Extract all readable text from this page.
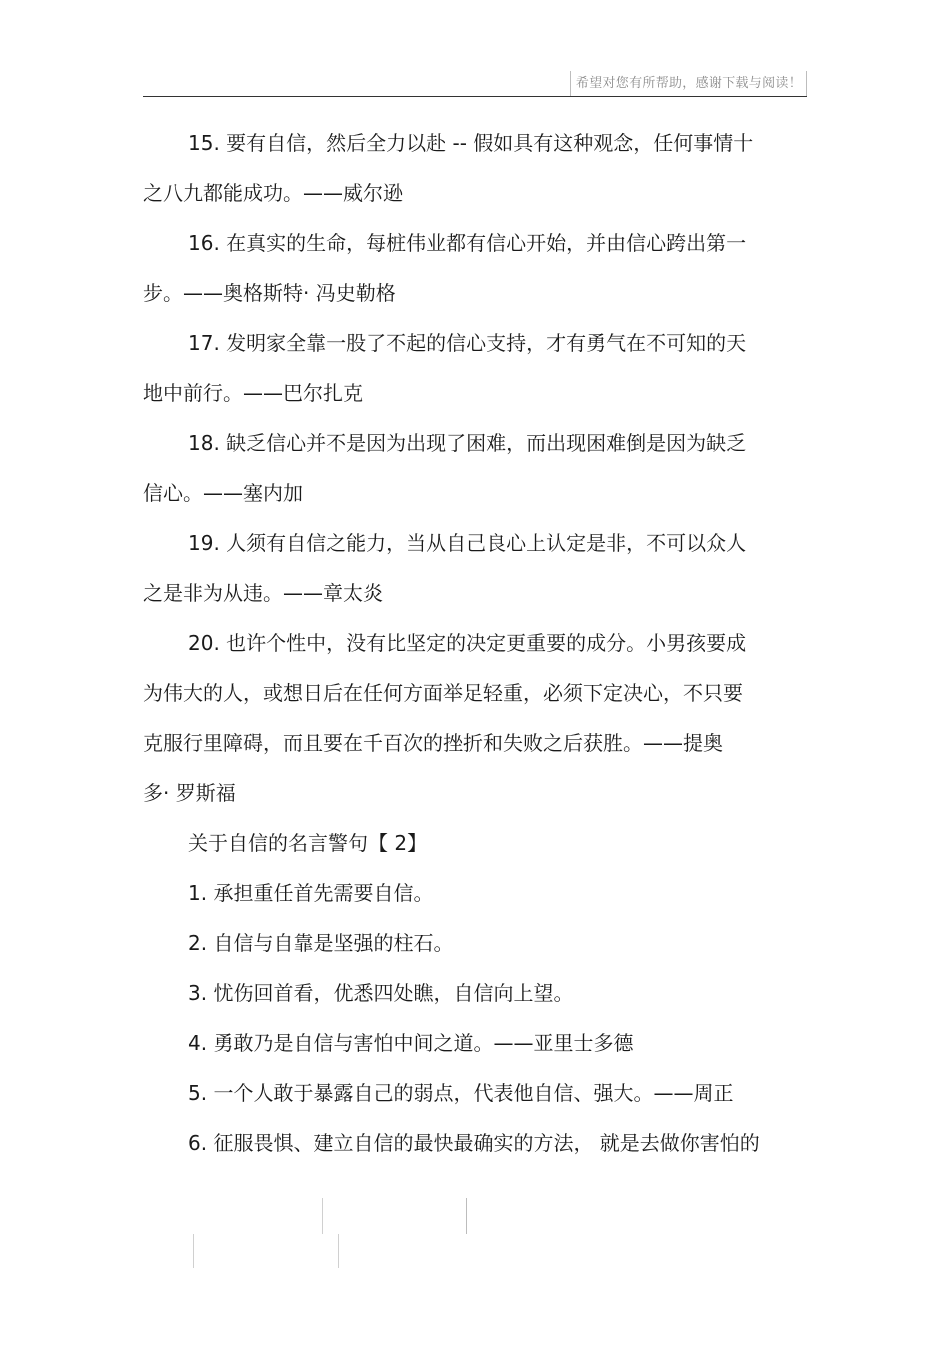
希望对您有所帮助，感谢下载与阅读！
15. 要有自信，然后全力以赴 -- 假如具有这种观念，任何事情十
之八九都能成功。——威尔逊
16. 在真实的生命，每桩伟业都有信心开始，并由信心跨出第一
步。——奥格斯特· 冯史勒格
17. 发明家全靠一股了不起的信心支持，才有勇气在不可知的天
地中前行。——巴尔扎克
18. 缺乏信心并不是因为出现了困难，而出现困难倒是因为缺乏
信心。——塞内加
19. 人须有自信之能力，当从自己良心上认定是非，不可以众人
之是非为从违。——章太炎
20. 也许个性中，没有比坚定的决定更重要的成分。小男孩要成
为伟大的人，或想日后在任何方面举足轻重，必须下定决心，不只要
克服行里障碍，而且要在千百次的挫折和失败之后获胜。——提奥
多· 罗斯福
关于自信的名言警句【 2】
1. 承担重任首先需要自信。
2. 自信与自靠是坚强的柱石。
3. 忧伤回首看，优悉四处瞧，自信向上望。
4. 勇敢乃是自信与害怕中间之道。——亚里士多德
5. 一个人敢于暴露自己的弱点，代表他自信、强大。——周正
6. 征服畏惧、建立自信的最快最确实的方法， 就是去做你害怕的
